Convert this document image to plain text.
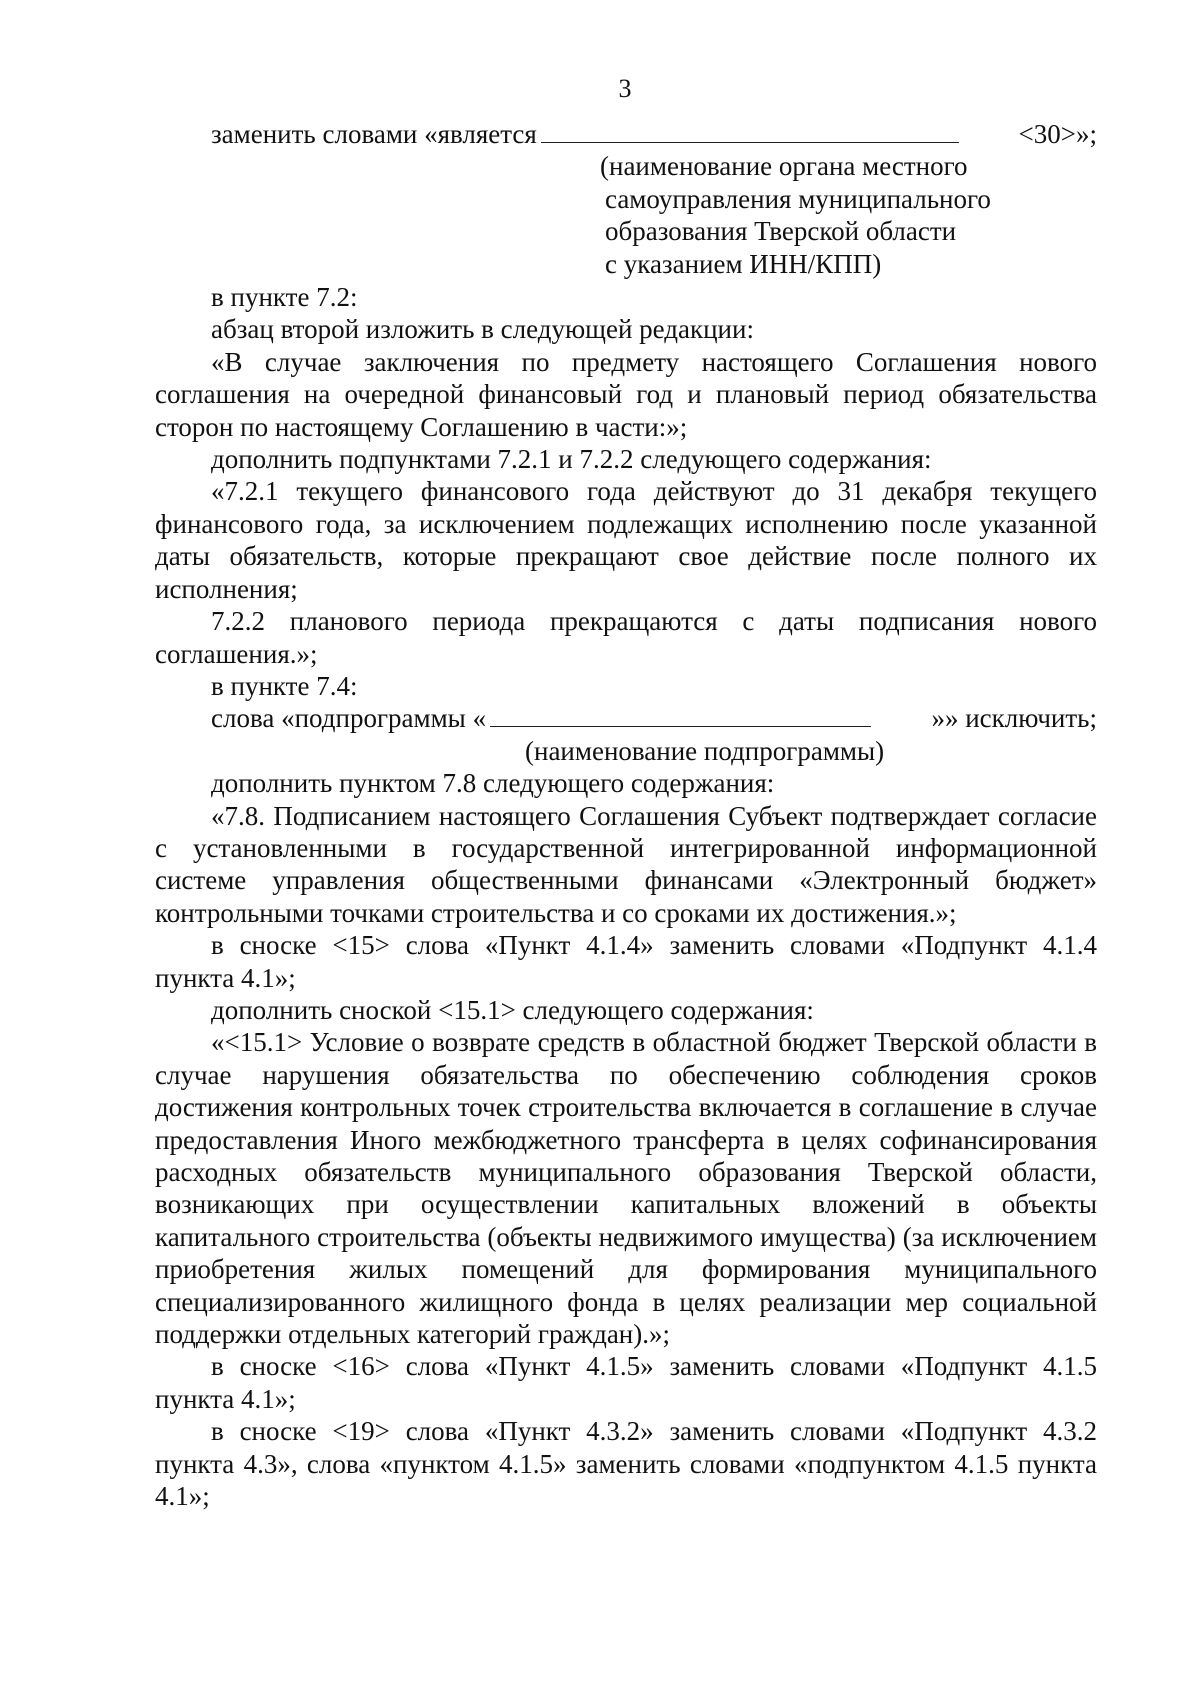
3

заменить словами «является	<30>»;

(наименование органа местного
самоуправления муниципального
образования Тверской области
с указанием ИНН/КПП)

в пункте 7.2:

абзац второй изложить в следующей редакции:

«В случае заключения по предмету настоящего Соглашения нового соглашения на очередной финансовый год и плановый период обязательства сторон по настоящему Соглашению в части:»;

дополнить подпунктами 7.2.1 и 7.2.2 следующего содержания:

«7.2.1 текущего финансового года действуют до 31 декабря текущего финансового года, за исключением подлежащих исполнению после указанной даты обязательств, которые прекращают свое действие после полного их исполнения;

7.2.2 планового периода прекращаются с даты подписания нового соглашения.»;

в пункте 7.4:

слова «подпрограммы «	»» исключить;

(наименование подпрограммы)

дополнить пунктом 7.8 следующего содержания:

«7.8. Подписанием настоящего Соглашения Субъект подтверждает согласие с установленными в государственной интегрированной информационной системе управления общественными финансами «Электронный бюджет» контрольными точками строительства и со сроками их достижения.»;

в сноске <15> слова «Пункт 4.1.4» заменить словами «Подпункт 4.1.4 пункта 4.1»;

дополнить сноской <15.1> следующего содержания:

«<15.1> Условие о возврате средств в областной бюджет Тверской области в случае нарушения обязательства по обеспечению соблюдения сроков достижения контрольных точек строительства включается в соглашение в случае предоставления Иного межбюджетного трансферта в целях софинансирования расходных обязательств муниципального образования Тверской области, возникающих при осуществлении капитальных вложений в объекты капитального строительства (объекты недвижимого имущества) (за исключением приобретения жилых помещений для формирования муниципального специализированного жилищного фонда в целях реализации мер социальной поддержки отдельных категорий граждан).»;

в сноске <16> слова «Пункт 4.1.5» заменить словами «Подпункт 4.1.5 пункта 4.1»;

в сноске <19> слова «Пункт 4.3.2» заменить словами «Подпункт 4.3.2 пункта 4.3», слова «пунктом 4.1.5» заменить словами «подпунктом 4.1.5 пункта 4.1»;
